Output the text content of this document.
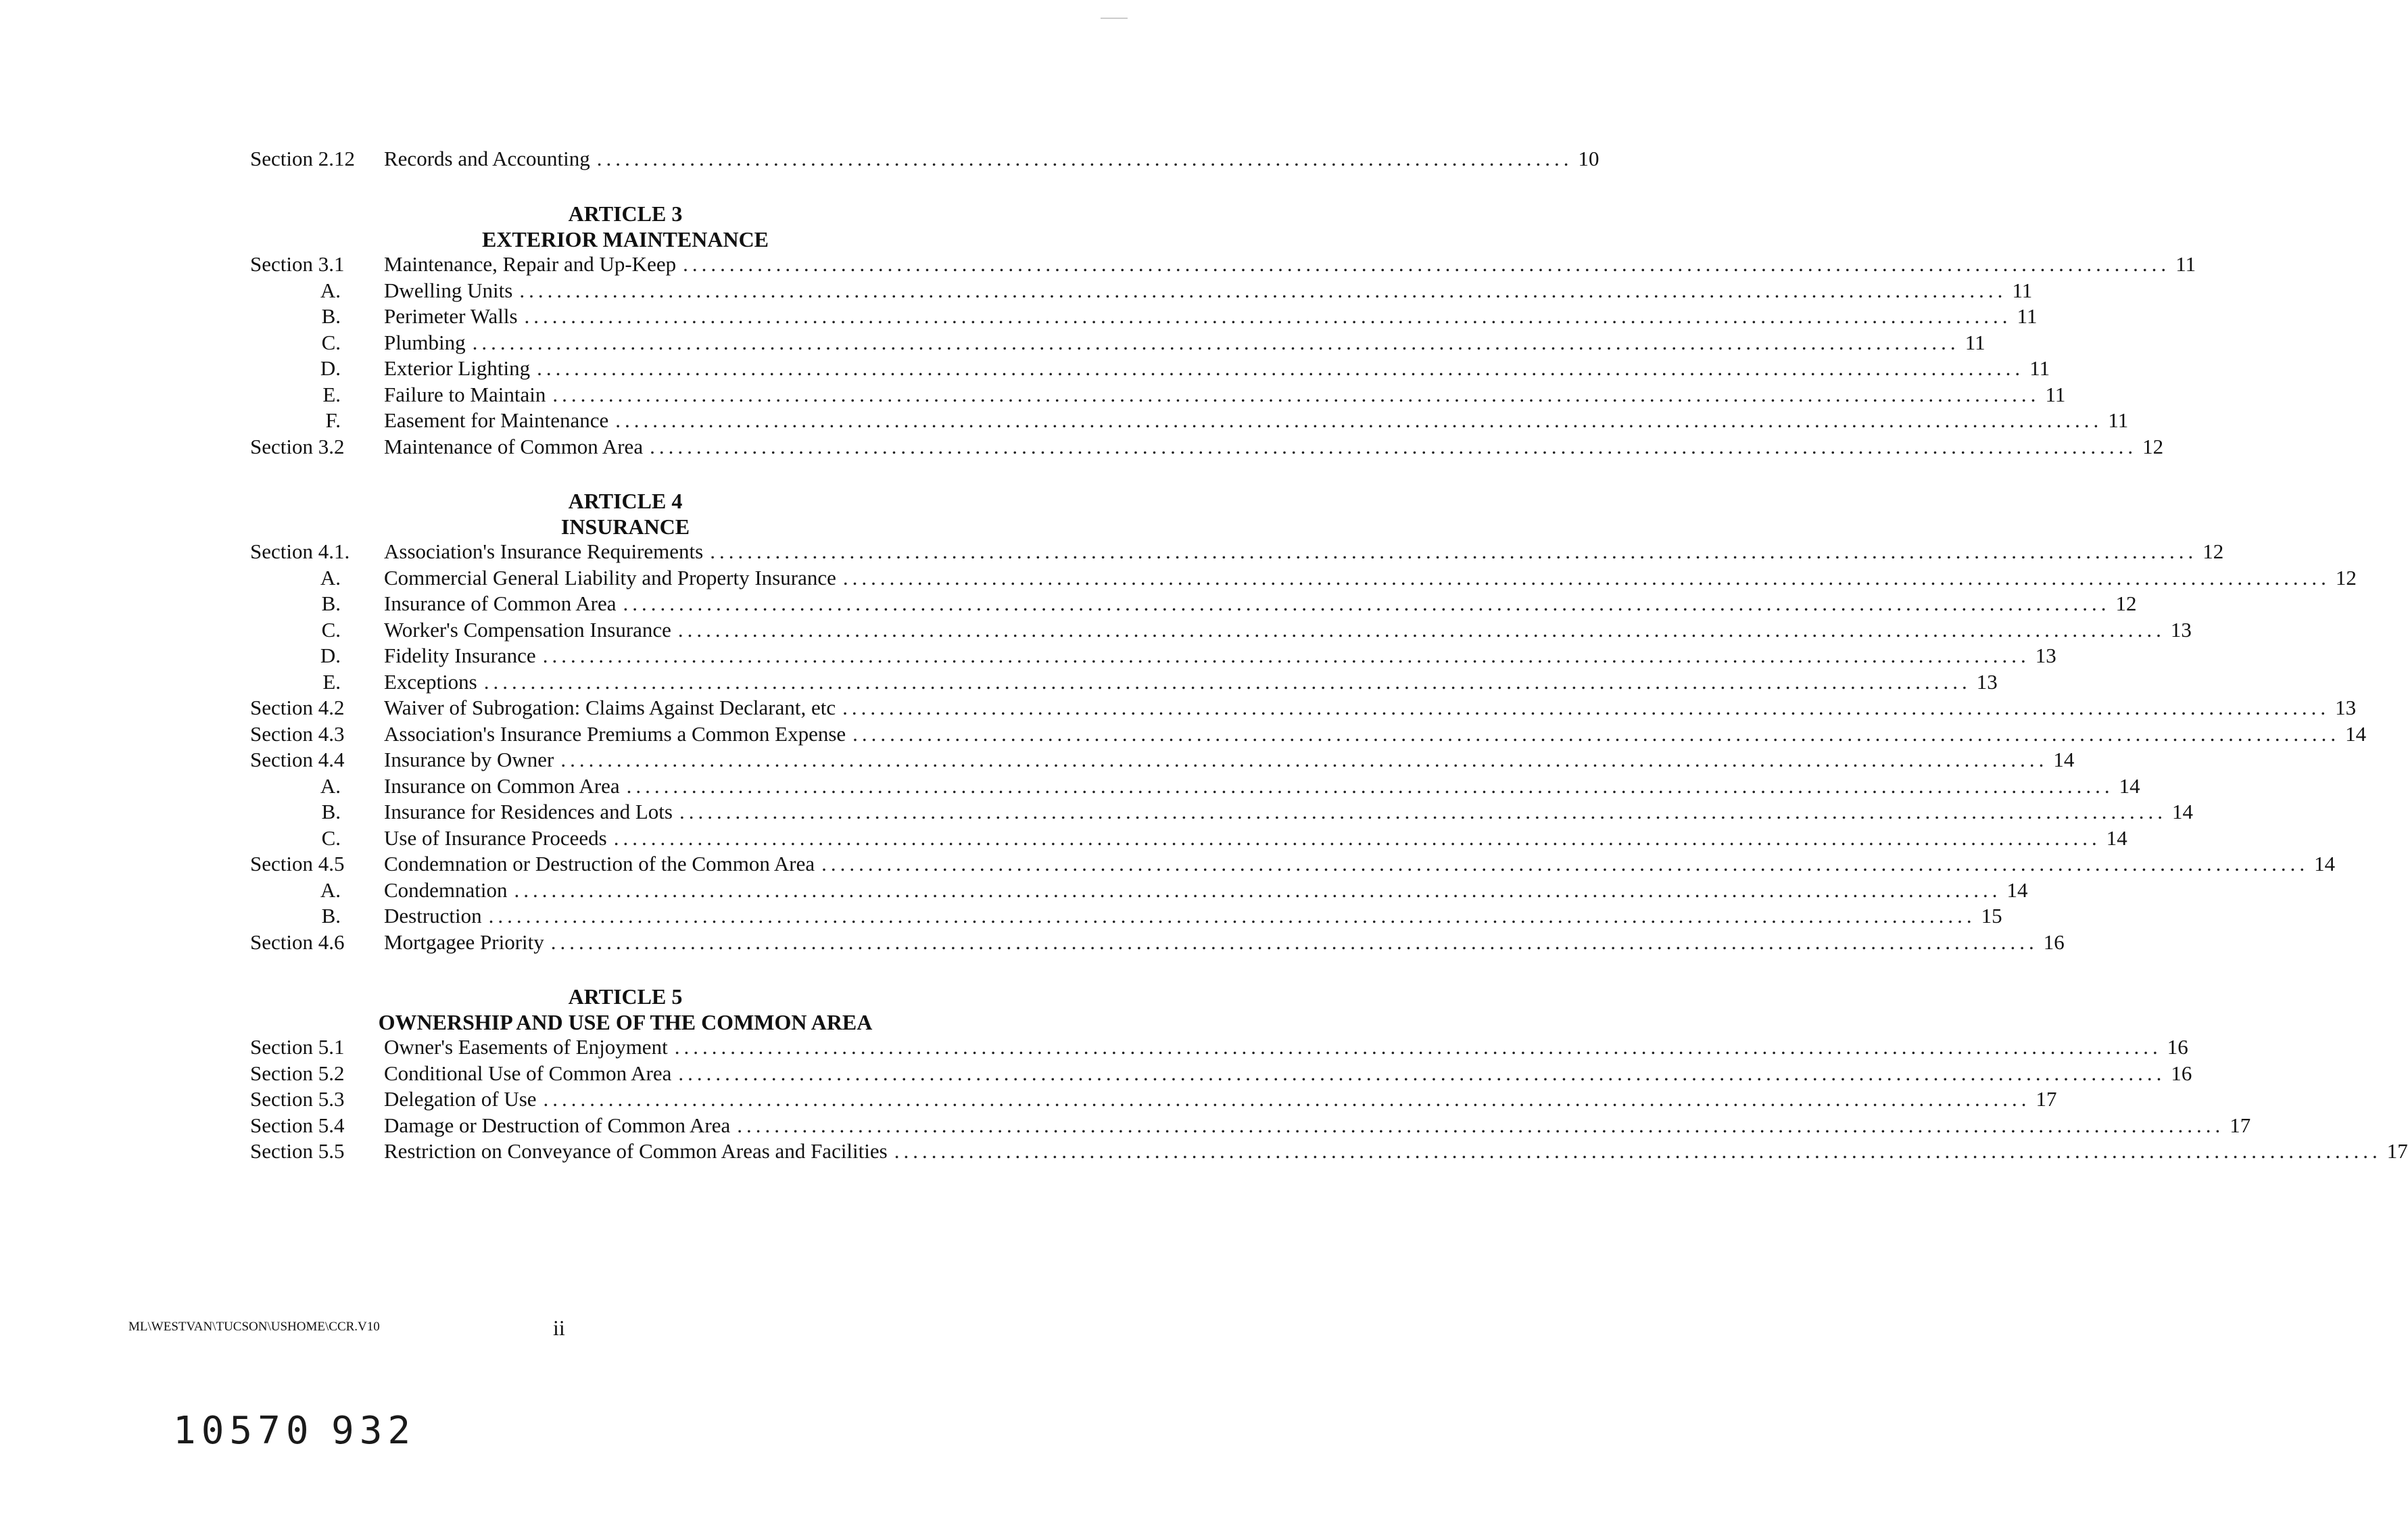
Section 2.12	Records and Accounting ......................................................................................................... 10
ARTICLE 3
EXTERIOR MAINTENANCE
Section 3.1	Maintenance, Repair and Up-Keep ................................................................................................................................................................ 11
A. Dwelling Units ................................................................................................................................................................ 11
B. Perimeter Walls ................................................................................................................................................................ 11
C. Plumbing ................................................................................................................................................................ 11
D. Exterior Lighting ................................................................................................................................................................ 11
E. Failure to Maintain ................................................................................................................................................................ 11
F. Easement for Maintenance ................................................................................................................................................................ 11
Section 3.2	Maintenance of Common Area ................................................................................................................................................................ 12
ARTICLE 4
INSURANCE
Section 4.1.	Association's Insurance Requirements ................................................................................................................................................................ 12
A. Commercial General Liability and Property Insurance ................................................................................................................................................................ 12
B. Insurance of Common Area ................................................................................................................................................................ 12
C. Worker's Compensation Insurance ................................................................................................................................................................ 13
D. Fidelity Insurance ................................................................................................................................................................ 13
E. Exceptions ................................................................................................................................................................ 13
Section 4.2	Waiver of Subrogation: Claims Against Declarant, etc ................................................................................................................................................................ 13
Section 4.3	Association's Insurance Premiums a Common Expense ................................................................................................................................................................ 14
Section 4.4	Insurance by Owner ................................................................................................................................................................ 14
A. Insurance on Common Area ................................................................................................................................................................ 14
B. Insurance for Residences and Lots ................................................................................................................................................................ 14
C. Use of Insurance Proceeds ................................................................................................................................................................ 14
Section 4.5	Condemnation or Destruction of the Common Area ................................................................................................................................................................ 14
A. Condemnation ................................................................................................................................................................ 14
B. Destruction ................................................................................................................................................................ 15
Section 4.6	Mortgagee Priority ................................................................................................................................................................ 16
ARTICLE 5
OWNERSHIP AND USE OF THE COMMON AREA
Section 5.1	Owner's Easements of Enjoyment ................................................................................................................................................................ 16
Section 5.2	Conditional Use of Common Area ................................................................................................................................................................ 16
Section 5.3	Delegation of Use ................................................................................................................................................................ 17
Section 5.4	Damage or Destruction of Common Area ................................................................................................................................................................ 17
Section 5.5	Restriction on Conveyance of Common Areas and Facilities ................................................................................................................................................................ 17
ML\WESTVAN\TUCSON\USHOME\CCR.V10	ii
10570 932
